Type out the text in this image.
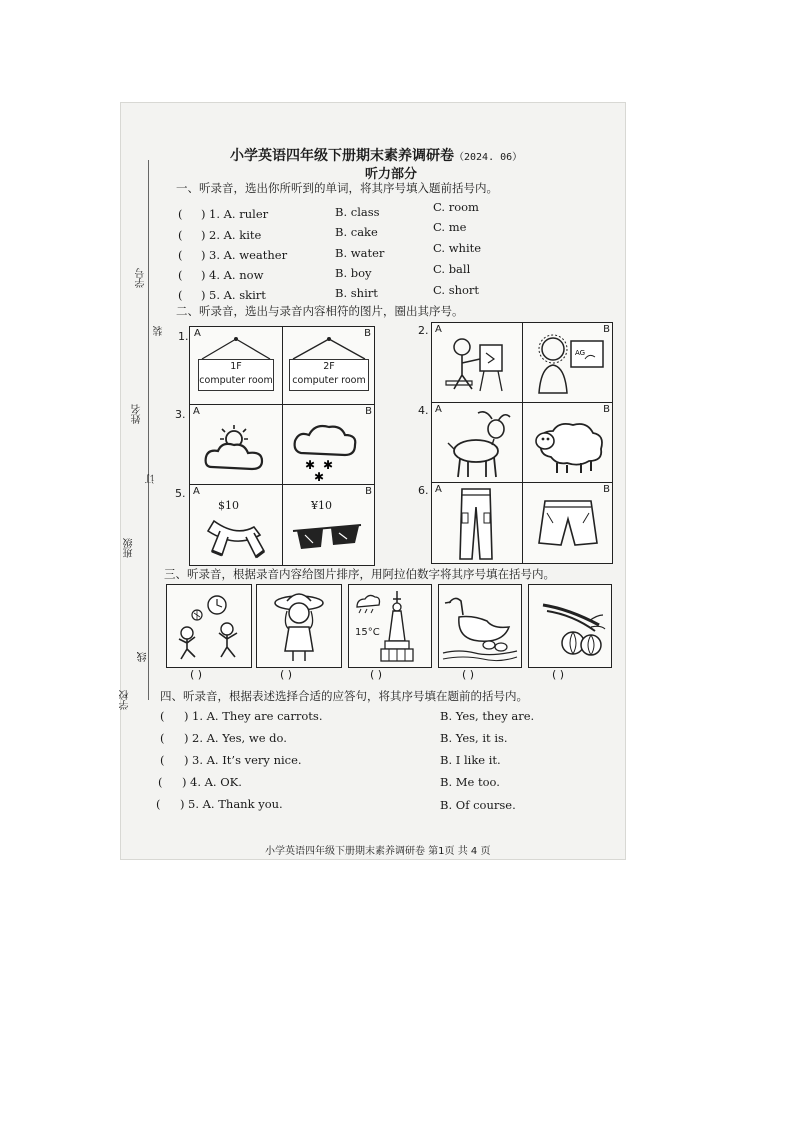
学号
装
姓名
订
班级
线
学校
小学英语四年级下册期末素养调研卷（2024. 06）
听力部分
一、听录音，选出你所听到的单词，将其序号填入题前括号内。
( ) 1. A. ruler	B. class	C. room
( ) 2. A. kite	B. cake	C. me
( ) 3. A. weather	B. water	C. white
( ) 4. A. now	B. boy	C. ball
( ) 5. A. skirt	B. shirt	C. short
二、听录音，选出与录音内容相符的图片，圈出其序号。
1. A
1F
computer room
B
2F
computer room
2. A	B
AG
3. A	B
✱ ✱
✱
4. A	B
5. A
$10
B
¥10
6. A	B
三、听录音，根据录音内容给图片排序，用阿拉伯数字将其序号填在括号内。
15°C
( )	( )	( )	( )	( )
四、听录音，根据表述选择合适的应答句，将其序号填在题前的括号内。
( ) 1. A. They are carrots.	B. Yes, they are.
( ) 2. A. Yes, we do.	B. Yes, it is.
( ) 3. A. It’s very nice.	B. I like it.
( ) 4. A. OK.	B. Me too.
( ) 5. A. Thank you.	B. Of course.
小学英语四年级下册期末素养调研卷 第1页 共 4 页
